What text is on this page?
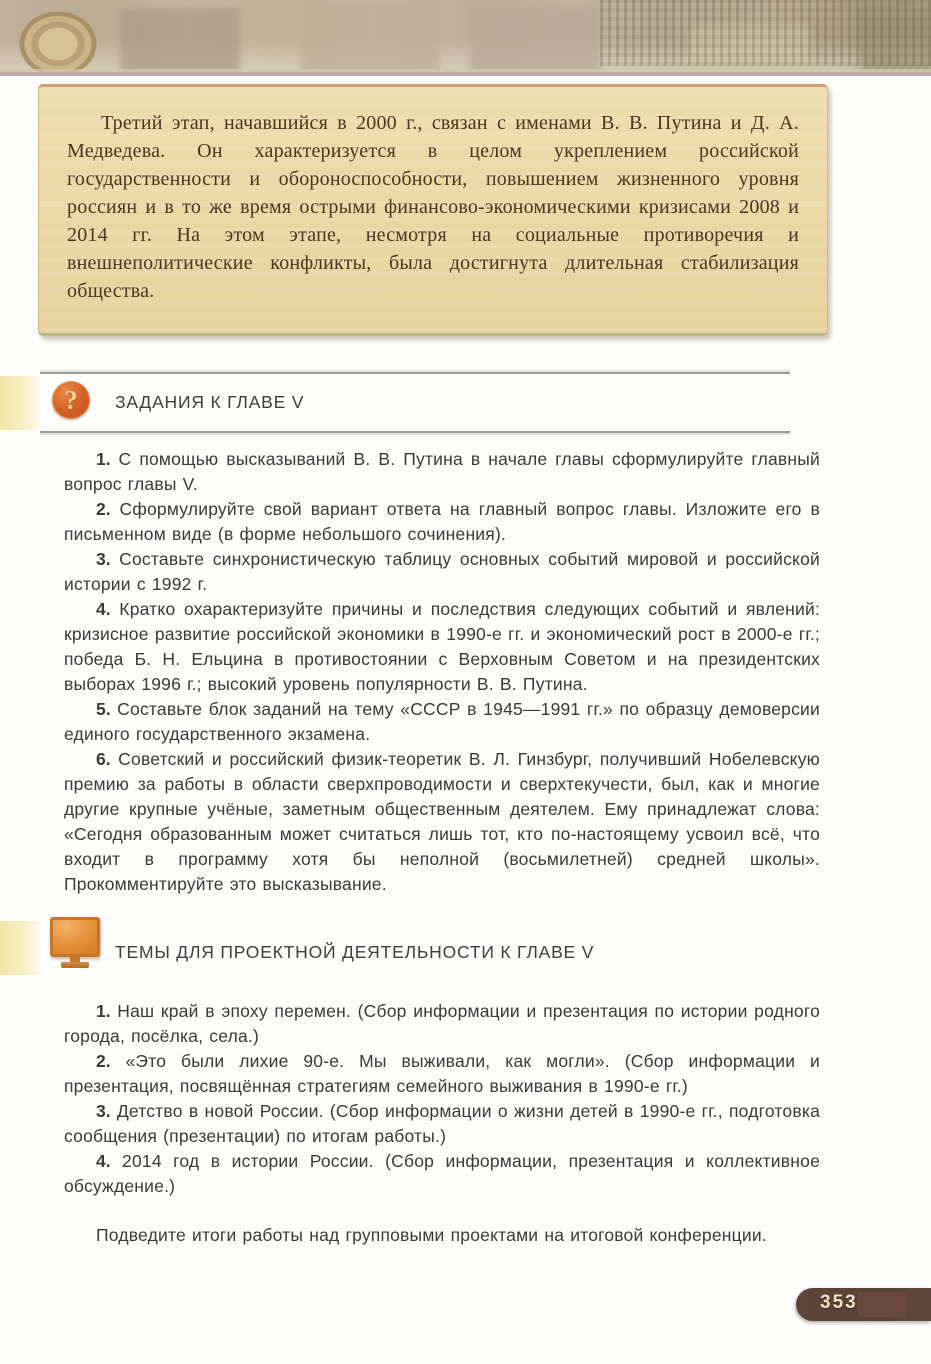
Третий этап, начавшийся в 2000 г., связан с именами В. В. Путина и Д. А. Медведева. Он характеризуется в целом укреплением российской государственности и обороноспособности, повышением жизненного уровня россиян и в то же время острыми финансово-экономическими кризисами 2008 и 2014 гг. На этом этапе, несмотря на социальные противоречия и внешнеполитические конфликты, была достигнута длительная стабилизация общества.

?	ЗАДАНИЯ К ГЛАВЕ V

1. С помощью высказываний В. В. Путина в начале главы сформулируйте главный вопрос главы V.

2. Сформулируйте свой вариант ответа на главный вопрос главы. Изложите его в письменном виде (в форме небольшого сочинения).

3. Составьте синхронистическую таблицу основных событий мировой и российской истории с 1992 г.

4. Кратко охарактеризуйте причины и последствия следующих событий и явлений: кризисное развитие российской экономики в 1990-е гг. и экономический рост в 2000-е гг.; победа Б. Н. Ельцина в противостоянии с Верховным Советом и на президентских выборах 1996 г.; высокий уровень популярности В. В. Путина.

5. Составьте блок заданий на тему «СССР в 1945—1991 гг.» по образцу демоверсии единого государственного экзамена.

6. Советский и российский физик-теоретик В. Л. Гинзбург, получивший Нобелевскую премию за работы в области сверхпроводимости и сверхтекучести, был, как и многие другие крупные учёные, заметным общественным деятелем. Ему принадлежат слова: «Сегодня образованным может считаться лишь тот, кто по-настоящему усвоил всё, что входит в программу хотя бы неполной (восьмилетней) средней школы». Прокомментируйте это высказывание.

ТЕМЫ ДЛЯ ПРОЕКТНОЙ ДЕЯТЕЛЬНОСТИ К ГЛАВЕ V

1. Наш край в эпоху перемен. (Сбор информации и презентация по истории родного города, посёлка, села.)

2. «Это были лихие 90-е. Мы выживали, как могли». (Сбор информации и презентация, посвящённая стратегиям семейного выживания в 1990-е гг.)

3. Детство в новой России. (Сбор информации о жизни детей в 1990-е гг., подготовка сообщения (презентации) по итогам работы.)

4. 2014 год в истории России. (Сбор информации, презентация и коллективное обсуждение.)

Подведите итоги работы над групповыми проектами на итоговой конференции.

353
